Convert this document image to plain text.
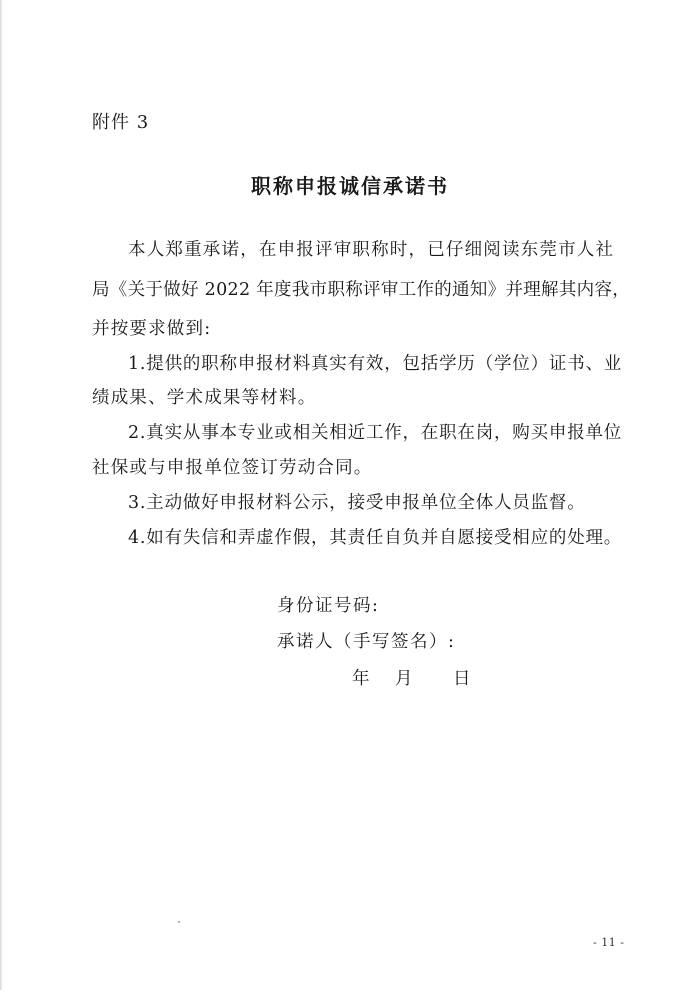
附件 3
职称申报诚信承诺书
本人郑重承诺，在申报评审职称时，已仔细阅读东莞市人社
局《关于做好 2022 年度我市职称评审工作的通知》并理解其内容，
并按要求做到:
1.提供的职称申报材料真实有效，包括学历（学位）证书、业
绩成果、学术成果等材料。
2.真实从事本专业或相关相近工作，在职在岗，购买申报单位
社保或与申报单位签订劳动合同。
3.主动做好申报材料公示，接受申报单位全体人员监督。
4.如有失信和弄虚作假，其责任自负并自愿接受相应的处理。
身份证号码:
承诺人（手写签名）:
年 月 日
- 11 -
